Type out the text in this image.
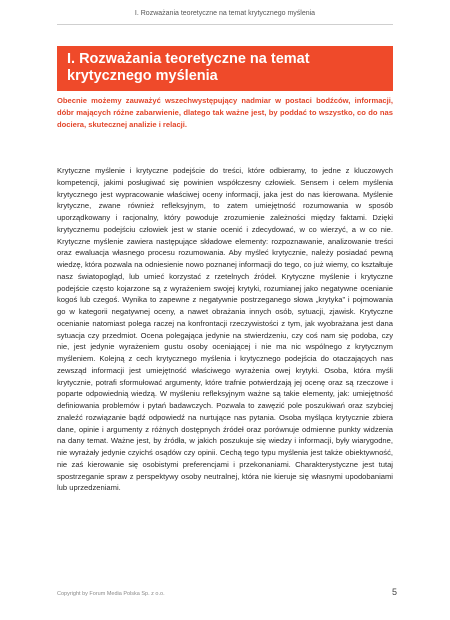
I. Rozważania teoretyczne na temat krytycznego myślenia
I. Rozważania teoretyczne na temat krytycznego myślenia

Obecnie możemy zauważyć wszechwystępujący nadmiar w postaci bodźców, informacji, dóbr mających różne zabarwienie, dlatego tak ważne jest, by poddać to wszystko, co do nas dociera, skutecznej analizie i relacji.

Krytyczne myślenie i krytyczne podejście do treści, które odbieramy, to jedne z kluczowych kompetencji, jakimi posługiwać się powinien współczesny człowiek. Sensem i celem myślenia krytycznego jest wypracowanie właściwej oceny informacji, jaka jest do nas kierowana. Myślenie krytyczne, zwane również refleksyjnym, to zatem umiejętność rozumowania w sposób uporządkowany i racjonalny, który powoduje zrozumienie zależności między faktami. Dzięki krytycznemu podejściu człowiek jest w stanie ocenić i zdecydować, w co wierzyć, a w co nie. Krytyczne myślenie zawiera następujące składowe elementy: rozpoznawanie, analizowanie treści oraz ewaluacja własnego procesu rozumowania. Aby myśleć krytycznie, należy posiadać pewną wiedzę, która pozwala na odniesienie nowo poznanej informacji do tego, co już wiemy, co kształtuje nasz światopogląd, lub umieć korzystać z rzetelnych źródeł. Krytyczne myślenie i krytyczne podejście często kojarzone są z wyrażeniem swojej krytyki, rozumianej jako negatywne ocenianie kogoś lub czegoś. Wynika to zapewne z negatywnie postrzeganego słowa „krytyka” i pojmowania go w kategorii negatywnej oceny, a nawet obrażania innych osób, sytuacji, zjawisk. Krytyczne ocenianie natomiast polega raczej na konfrontacji rzeczywistości z tym, jak wyobrażana jest dana sytuacja czy przedmiot. Ocena polegająca jedynie na stwierdzeniu, czy coś nam się podoba, czy nie, jest jedynie wyrażeniem gustu osoby oceniającej i nie ma nic wspólnego z krytycznym myśleniem. Kolejną z cech krytycznego myślenia i krytycznego podejścia do otaczających nas zewsząd informacji jest umiejętność właściwego wyrażenia owej krytyki. Osoba, która myśli krytycznie, potrafi sformułować argumenty, które trafnie potwierdzają jej ocenę oraz są rzeczowe i poparte odpowiednią wiedzą. W myśleniu refleksyjnym ważne są takie elementy, jak: umiejętność definiowania problemów i pytań badawczych. Pozwala to zawęzić pole poszukiwań oraz szybciej znaleźć rozwiązanie bądź odpowiedź na nurtujące nas pytania. Osoba myśląca krytycznie zbiera dane, opinie i argumenty z różnych dostępnych źródeł oraz porównuje odmienne punkty widzenia na dany temat. Ważne jest, by źródła, w jakich poszukuje się wiedzy i informacji, były wiarygodne, nie wyrażały jedynie czyichś osądów czy opinii. Cechą tego typu myślenia jest także obiektywność, nie zaś kierowanie się osobistymi preferencjami i przekonaniami. Charakterystyczne jest tutaj spostrzeganie spraw z perspektywy osoby neutralnej, która nie kieruje się własnymi upodobaniami lub uprzedzeniami.

Copyright by Forum Media Polska Sp. z o.o.	5
